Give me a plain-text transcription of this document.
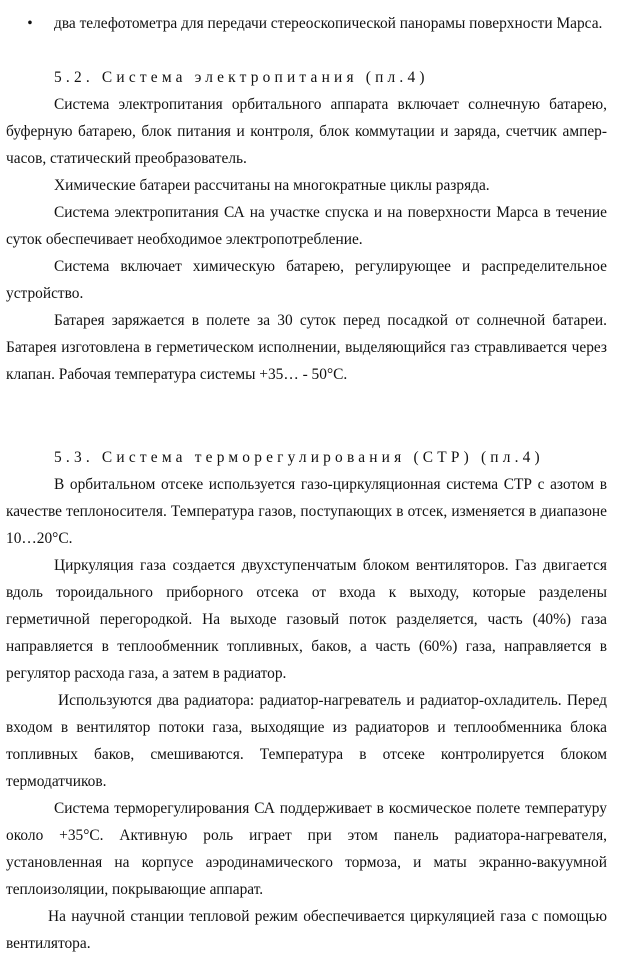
•	два телефотометра для передачи стереоскопической панорамы поверхности Марса.
5.2. Система электропитания (пл.4)

Система электропитания орбитального аппарата включает солнечную батарею, буферную батарею, блок питания и контроля, блок коммутации и заряда, счетчик ампер-часов, статический преобразователь.

Химические батареи рассчитаны на многократные циклы разряда.

Система электропитания СА на участке спуска и на поверхности Марса в течение суток обеспечивает необходимое электропотребление.

Система включает химическую батарею, регулирующее и распределительное устройство.

Батарея заряжается в полете за 30 суток перед посадкой от солнечной батареи. Батарея изготовлена в герметическом исполнении, выделяющийся газ стравливается через клапан. Рабочая температура системы +35… - 50°С.

5.3. Система терморегулирования (СТР) (пл.4)

В орбитальном отсеке используется газо-циркуляционная система СТР с азотом в качестве теплоносителя. Температура газов, поступающих в отсек, изменяется в диапазоне 10…20°С.

Циркуляция газа создается двухступенчатым блоком вентиляторов. Газ двигается вдоль тороидального приборного отсека от входа к выходу, которые разделены герметичной перегородкой. На выходе газовый поток разделяется, часть (40%) газа направляется в теплообменник топливных, баков, а часть (60%) газа, направляется в регулятор расхода газа, а затем в радиатор.

Используются два радиатора: радиатор-нагреватель и радиатор-охладитель. Перед входом в вентилятор потоки газа, выходящие из радиаторов и теплообменника блока топливных баков, смешиваются. Температура в отсеке контролируется блоком термодатчиков.

Система терморегулирования СА поддерживает в космическое полете температуру около +35°С. Активную роль играет при этом панель радиатора-нагревателя, установленная на корпусе аэродинамического тормоза, и маты экранно-вакуумной теплоизоляции, покрывающие аппарат.

На научной станции тепловой режим обеспечивается циркуляцией газа с помощью вентилятора.
